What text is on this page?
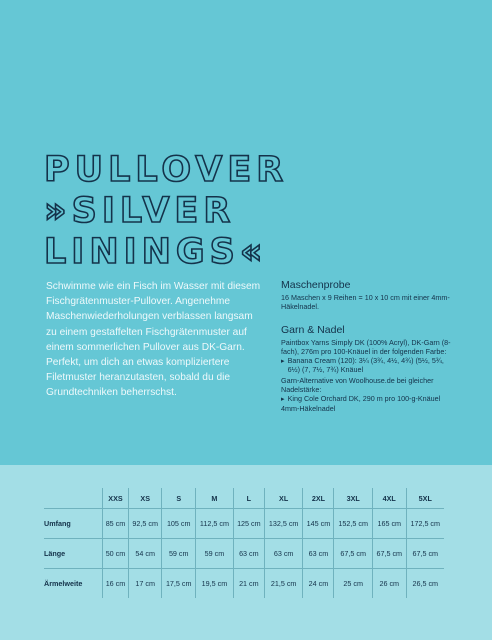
PULLOVER
»SILVER
LININGS«

Schwimme wie ein Fisch im Wasser mit diesem Fischgrätenmuster-Pullover. Angenehme Maschenwiederholungen verblassen langsam zu einem gestaffelten Fischgrätenmuster auf einem sommerlichen Pullover aus DK-Garn. Perfekt, um dich an etwas kompliziertere Filetmuster heranzutasten, sobald du die Grundtechniken beherrschst.

Maschenprobe

16 Maschen x 9 Reihen = 10 x 10 cm mit einer 4mm-Häkelnadel.

Garn & Nadel

Paintbox Yarns Simply DK (100% Acryl), DK-Garn (8-fach), 276m pro 100-Knäuel in der folgenden Farbe:

▸ Banana Cream (120): 3¼ (3¾, 4½, 4¾) (5½, 5¾, 6½) (7, 7½, 7¾) Knäuel

Garn-Alternative von Woolhouse.de bei gleicher Nadelstärke:

▸ King Cole Orchard DK, 290 m pro 100-g-Knäuel

4mm-Häkelnadel

	XXS	XS	S	M	L	XL	2XL	3XL	4XL	5XL
Umfang	85 cm	92,5 cm	105 cm	112,5 cm	125 cm	132,5 cm	145 cm	152,5 cm	165 cm	172,5 cm
Länge	50 cm	54 cm	59 cm	59 cm	63 cm	63 cm	63 cm	67,5 cm	67,5 cm	67,5 cm
Ärmelweite	16 cm	17 cm	17,5 cm	19,5 cm	21 cm	21,5 cm	24 cm	25 cm	26 cm	26,5 cm
